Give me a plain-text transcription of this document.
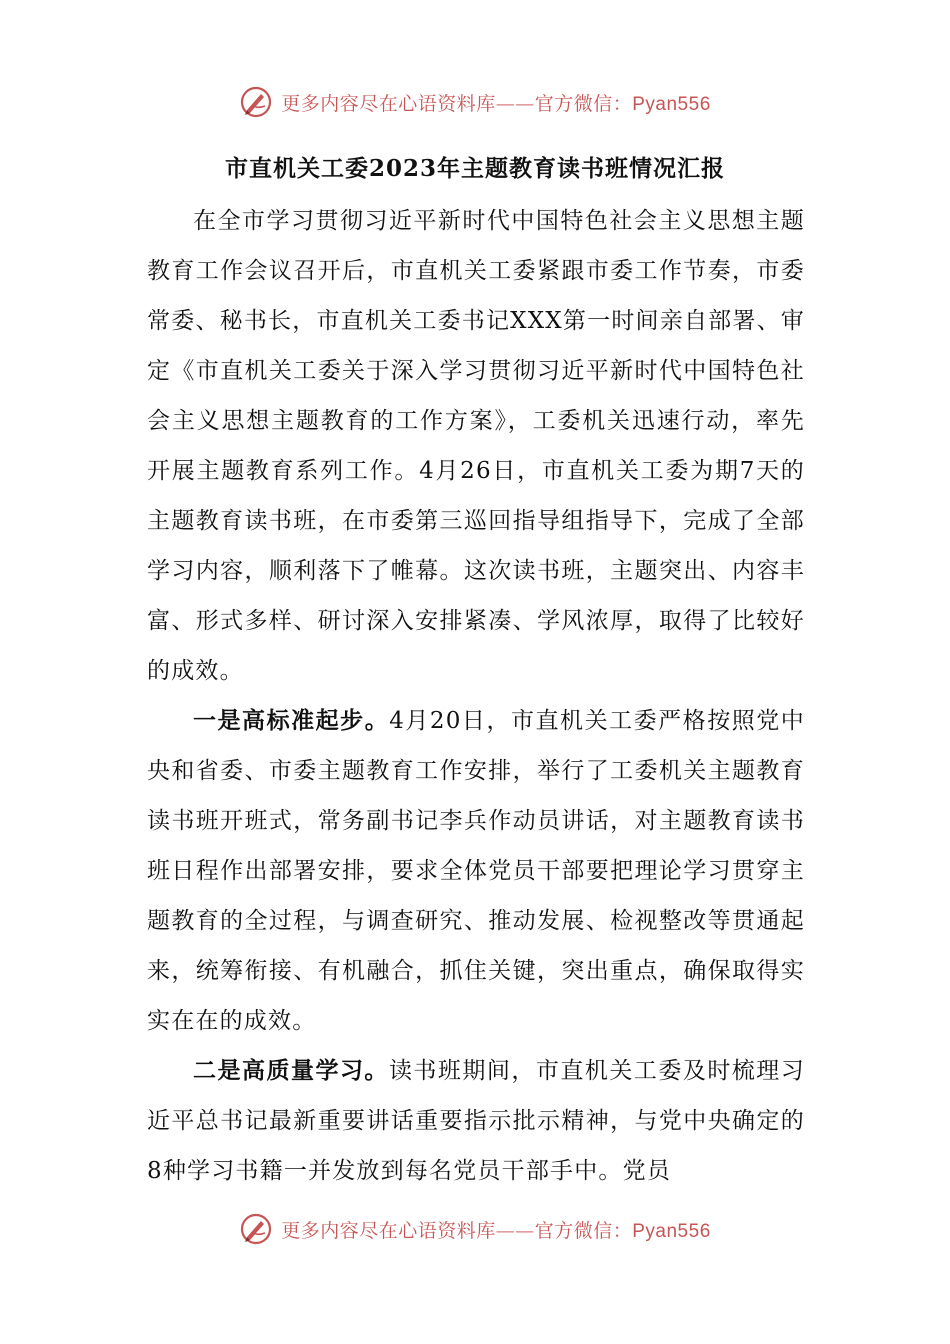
更多内容尽在心语资料库——官方微信：Pyan556
市直机关工委2023年主题教育读书班情况汇报

在全市学习贯彻习近平新时代中国特色社会主义思想主题教育工作会议召开后，市直机关工委紧跟市委工作节奏，市委常委、秘书长，市直机关工委书记XXX第一时间亲自部署、审定《市直机关工委关于深入学习贯彻习近平新时代中国特色社会主义思想主题教育的工作方案》，工委机关迅速行动，率先开展主题教育系列工作。4月26日，市直机关工委为期7天的主题教育读书班，在市委第三巡回指导组指导下，完成了全部学习内容，顺利落下了帷幕。这次读书班，主题突出、内容丰富、形式多样、研讨深入安排紧凑、学风浓厚，取得了比较好的成效。

一是高标准起步。4月20日，市直机关工委严格按照党中央和省委、市委主题教育工作安排，举行了工委机关主题教育读书班开班式，常务副书记李兵作动员讲话，对主题教育读书班日程作出部署安排，要求全体党员干部要把理论学习贯穿主题教育的全过程，与调查研究、推动发展、检视整改等贯通起来，统筹衔接、有机融合，抓住关键，突出重点，确保取得实实在在的成效。

二是高质量学习。读书班期间，市直机关工委及时梳理习近平总书记最新重要讲话重要指示批示精神，与党中央确定的8种学习书籍一并发放到每名党员干部手中。党员

更多内容尽在心语资料库——官方微信：Pyan556
